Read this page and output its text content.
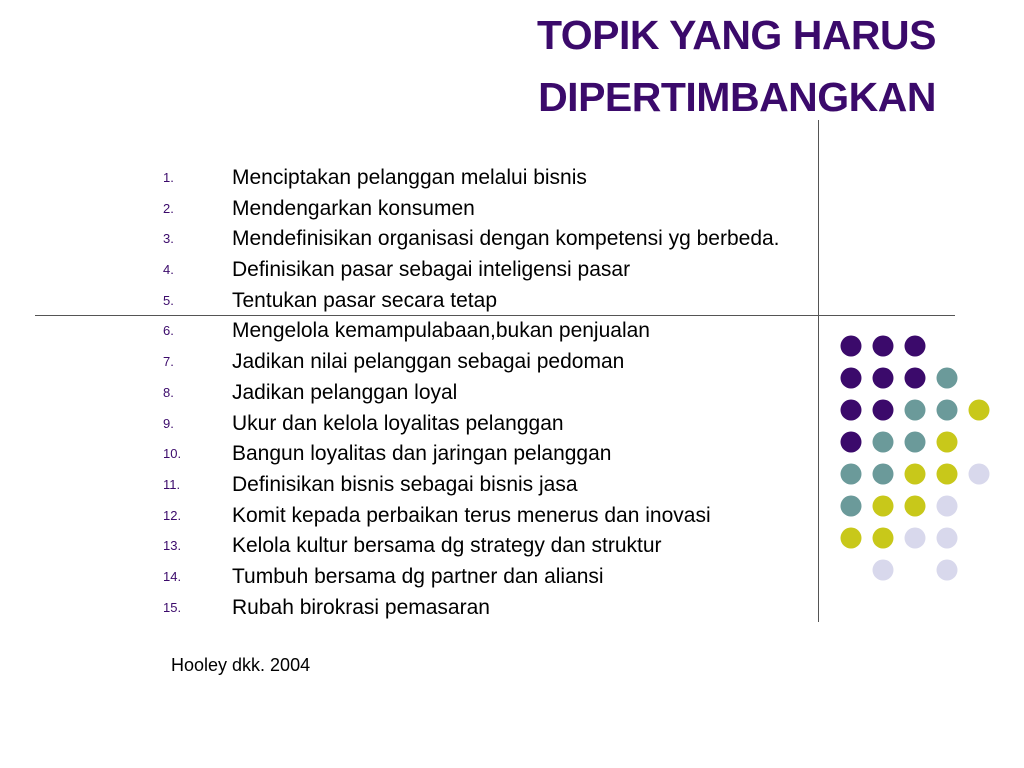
TOPIK YANG HARUS
DIPERTIMBANGKAN
1.	Menciptakan pelanggan melalui bisnis
2.	Mendengarkan konsumen
3.	Mendefinisikan organisasi dengan kompetensi yg berbeda.
4.	Definisikan pasar sebagai inteligensi pasar
5.	Tentukan pasar secara tetap
6.	Mengelola kemampulabaan,bukan penjualan
7.	Jadikan nilai pelanggan sebagai pedoman
8.	Jadikan pelanggan loyal
9.	Ukur dan kelola loyalitas pelanggan
10. Bangun loyalitas dan jaringan pelanggan
11. Definisikan bisnis sebagai bisnis jasa
12. Komit kepada perbaikan terus menerus dan inovasi
13. Kelola kultur bersama dg strategy dan struktur
14. Tumbuh bersama dg partner dan aliansi
15. Rubah birokrasi pemasaran
Hooley dkk. 2004
